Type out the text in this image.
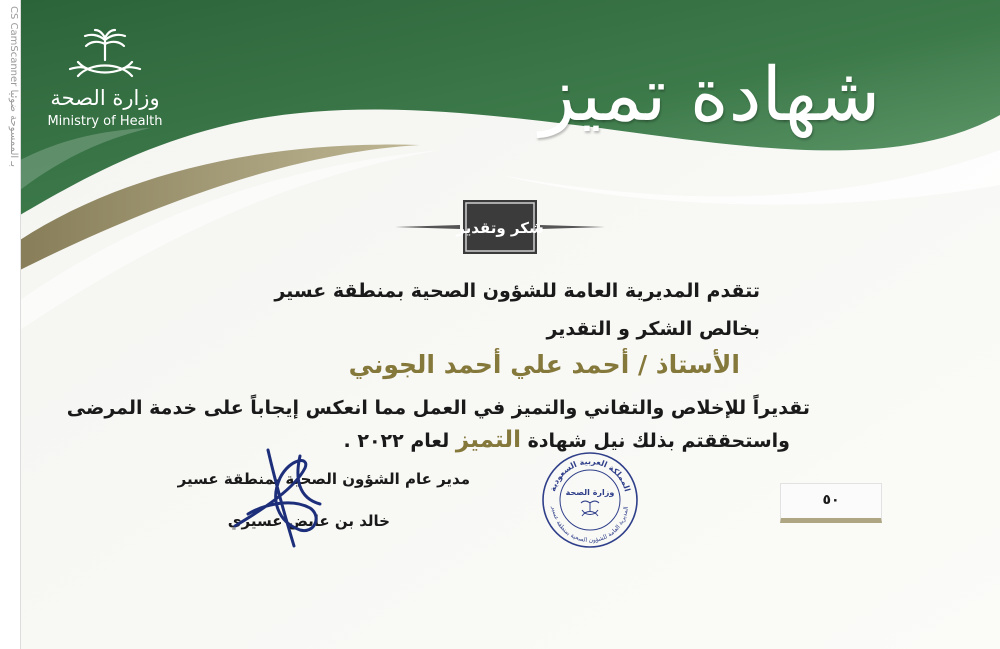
CS CamScanner بـ الممسوحة ضوئيا	وزارة الصحة
Ministry of Health	شهادة تميز
شكر وتقدير
تتقدم المديرية العامة للشؤون الصحية بمنطقة عسير
بخالص الشكر و التقدير
الأستاذ / أحمد علي أحمد الجوني
تقديراً للإخلاص والتفاني والتميز في العمل مما انعكس إيجاباً على خدمة المرضى
واستحققتم بذلك نيل شهادة التميز لعام ٢٠٢٢ .
مدير عام الشؤون الصحية بمنطقة عسير
خالد بن عايض عسيري
المملكة العربية السعودية
المديرية العامة للشؤون الصحية بمنطقة عسير
وزارة الصحة	٥٠
